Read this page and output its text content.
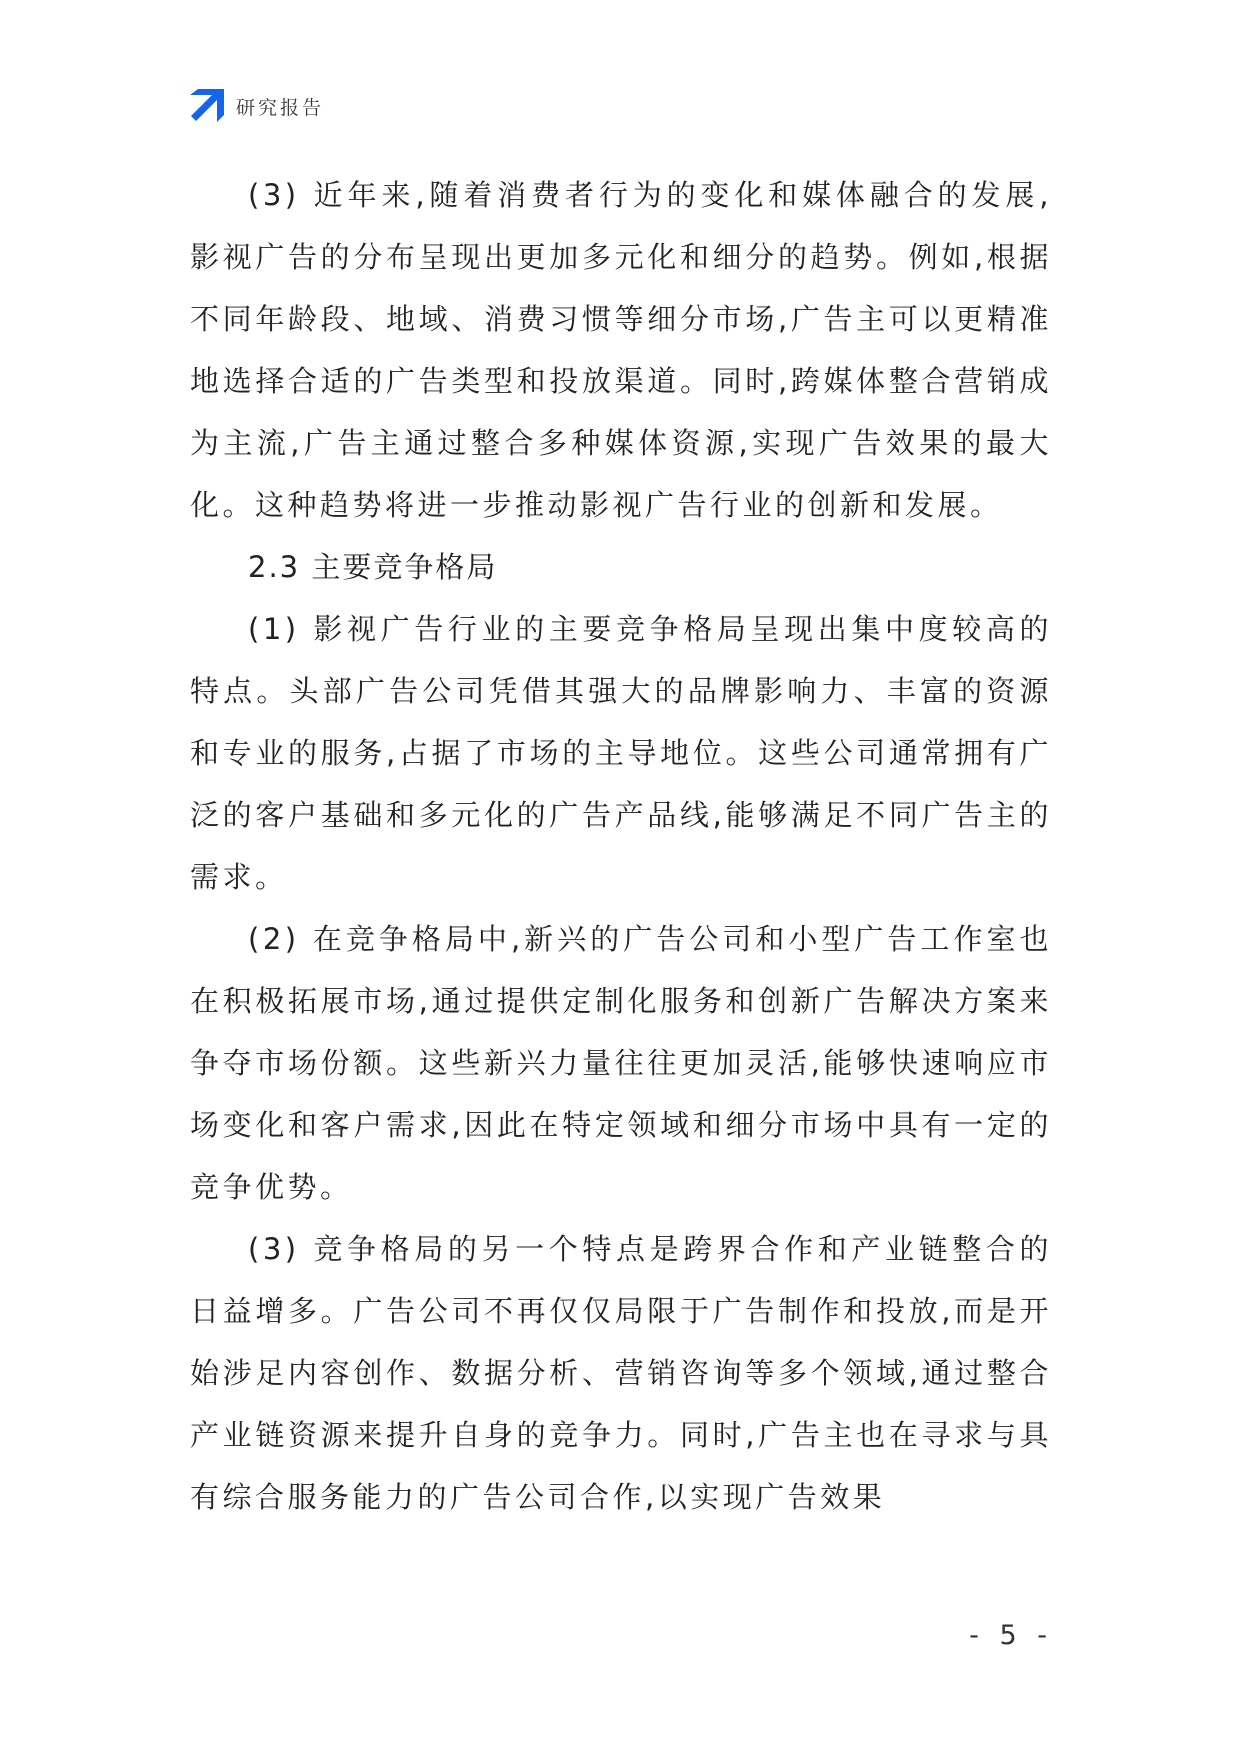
研究报告

(3) 近年来,随着消费者行为的变化和媒体融合的发展,影视广告的分布呈现出更加多元化和细分的趋势。例如,根据不同年龄段、地域、消费习惯等细分市场,广告主可以更精准地选择合适的广告类型和投放渠道。同时,跨媒体整合营销成为主流,广告主通过整合多种媒体资源,实现广告效果的最大化。这种趋势将进一步推动影视广告行业的创新和发展。

2.3 主要竞争格局

(1) 影视广告行业的主要竞争格局呈现出集中度较高的特点。头部广告公司凭借其强大的品牌影响力、丰富的资源和专业的服务,占据了市场的主导地位。这些公司通常拥有广泛的客户基础和多元化的广告产品线,能够满足不同广告主的需求。

(2) 在竞争格局中,新兴的广告公司和小型广告工作室也在积极拓展市场,通过提供定制化服务和创新广告解决方案来争夺市场份额。这些新兴力量往往更加灵活,能够快速响应市场变化和客户需求,因此在特定领域和细分市场中具有一定的竞争优势。

(3) 竞争格局的另一个特点是跨界合作和产业链整合的日益增多。广告公司不再仅仅局限于广告制作和投放,而是开始涉足内容创作、数据分析、营销咨询等多个领域,通过整合产业链资源来提升自身的竞争力。同时,广告主也在寻求与具有综合服务能力的广告公司合作,以实现广告效果

- 5 -
